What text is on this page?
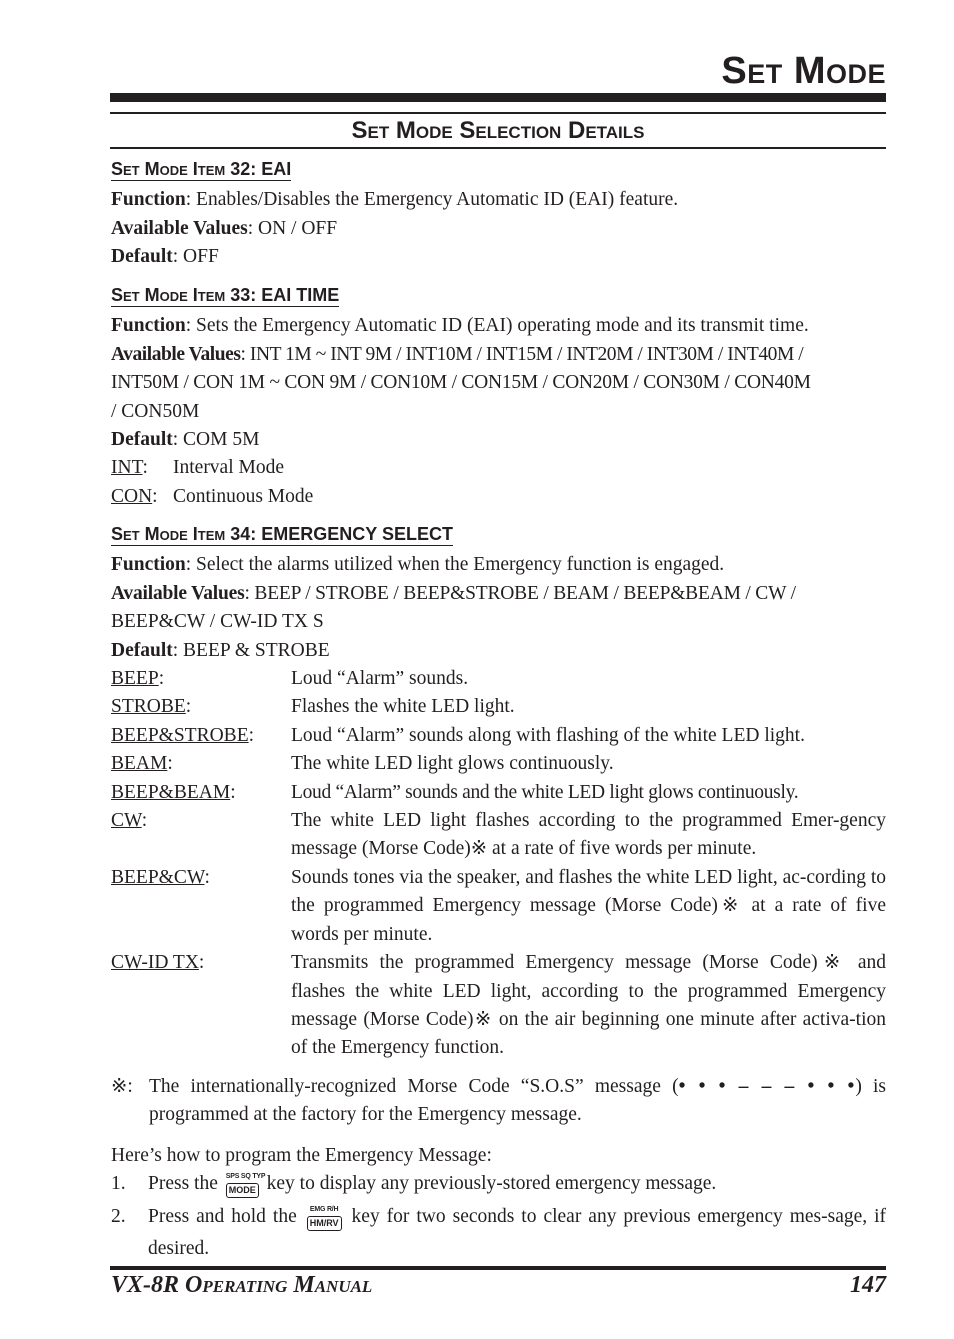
Set Mode
Set Mode Selection Details
Set Mode Item 32: EAI
Function: Enables/Disables the Emergency Automatic ID (EAI) feature.
Available Values: ON / OFF
Default: OFF
Set Mode Item 33: EAI TIME
Function: Sets the Emergency Automatic ID (EAI) operating mode and its transmit time.
Available Values: INT 1M ~ INT 9M / INT10M / INT15M / INT20M / INT30M / INT40M /
INT50M / CON 1M ~ CON 9M / CON10M / CON15M / CON20M / CON30M / CON40M
/ CON50M
Default: COM 5M
INT:	Interval Mode
CON: Continuous Mode
Set Mode Item 34: EMERGENCY SELECT
Function: Select the alarms utilized when the Emergency function is engaged.
Available Values: BEEP / STROBE / BEEP&STROBE / BEAM / BEEP&BEAM / CW /
BEEP&CW / CW-ID TX S
Default: BEEP & STROBE
BEEP:	Loud “Alarm” sounds.
STROBE:	Flashes the white LED light.
BEEP&STROBE:	Loud “Alarm” sounds along with flashing of the white LED light.
BEAM:	The white LED light glows continuously.
BEEP&BEAM:	Loud “Alarm” sounds and the white LED light glows continuously.
CW:	The white LED light flashes according to the programmed Emer-gency message (Morse Code)※ at a rate of five words per minute.
BEEP&CW:	Sounds tones via the speaker, and flashes the white LED light, ac-cording to the programmed Emergency message (Morse Code)※ at a rate of five words per minute.
CW-ID TX:	Transmits the programmed Emergency message (Morse Code)※ and flashes the white LED light, according to the programmed Emergency message (Morse Code)※ on the air beginning one minute after activa-tion of the Emergency function.
※: The internationally-recognized Morse Code “S.O.S” message (• • • – – – • • •) is programmed at the factory for the Emergency message.
Here’s how to program the Emergency Message:
1.	Press the SPS SQ TYP
MODE key to display any previously-stored emergency message.
2.	Press and hold the	EMG R/H
HM/RV key for two seconds to clear any previous emergency mes-sage, if desired.
VX-8R Operating Manual	147
